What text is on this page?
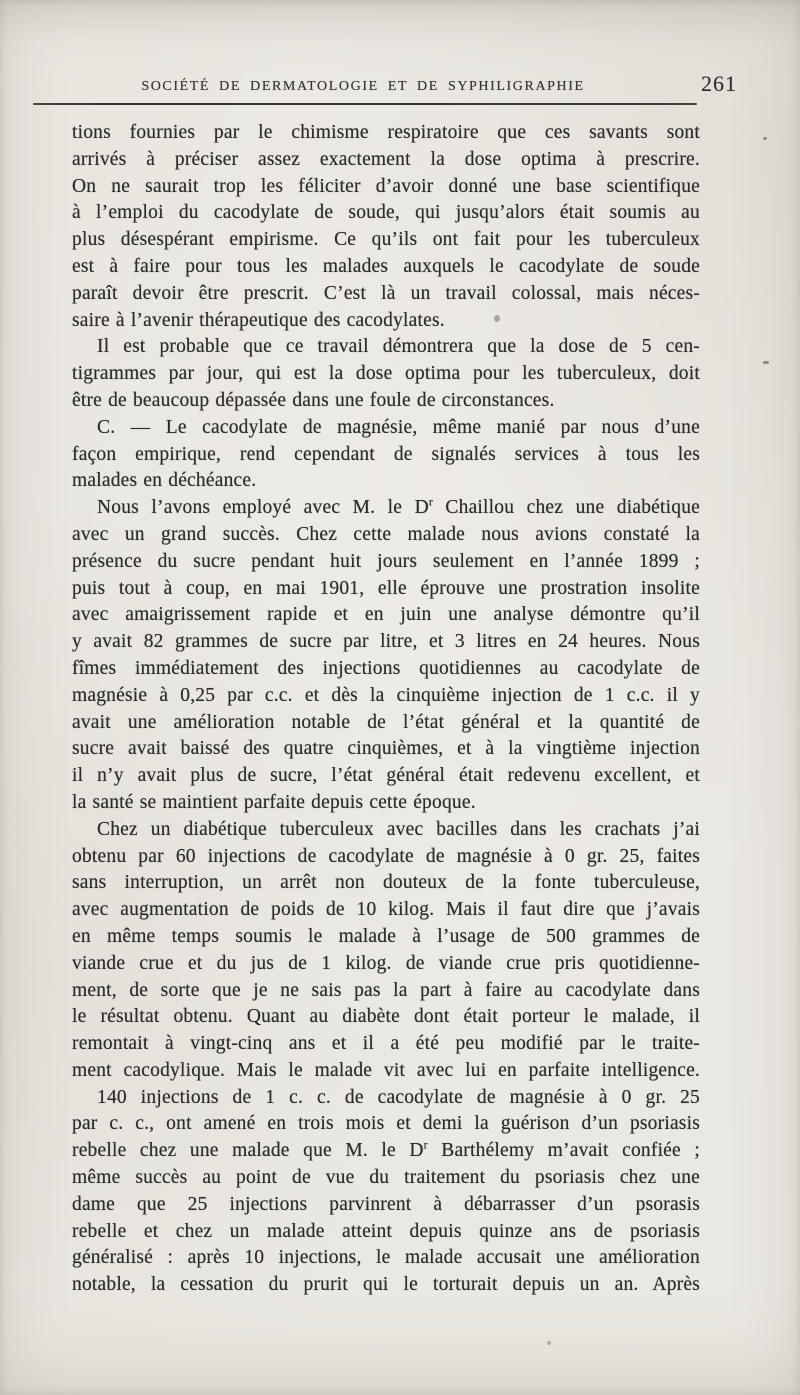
SOCIÉTÉ DE DERMATOLOGIE ET DE SYPHILIGRAPHIE	261
tions fournies par le chimisme respiratoire que ces savants sont
arrivés à préciser assez exactement la dose optima à prescrire.
On ne saurait trop les féliciter d’avoir donné une base scientifique
à l’emploi du cacodylate de soude, qui jusqu’alors était soumis au
plus désespérant empirisme. Ce qu’ils ont fait pour les tuberculeux
est à faire pour tous les malades auxquels le cacodylate de soude
paraît devoir être prescrit. C’est là un travail colossal, mais néces-
saire à l’avenir thérapeutique des cacodylates.
Il est probable que ce travail démontrera que la dose de 5 cen-
tigrammes par jour, qui est la dose optima pour les tuberculeux, doit
être de beaucoup dépassée dans une foule de circonstances.
C. — Le cacodylate de magnésie, même manié par nous d’une
façon empirique, rend cependant de signalés services à tous les
malades en déchéance.
Nous l’avons employé avec M. le $D^r$ Chaillou chez une diabétique
avec un grand succès. Chez cette malade nous avions constaté la
présence du sucre pendant huit jours seulement en l’année 1899 ;
puis tout à coup, en mai 1901, elle éprouve une prostration insolite
avec amaigrissement rapide et en juin une analyse démontre qu’il
y avait 82 grammes de sucre par litre, et 3 litres en 24 heures. Nous
fîmes immédiatement des injections quotidiennes au cacodylate de
magnésie à 0,25 par c.c. et dès la cinquième injection de 1 c.c. il y
avait une amélioration notable de l’état général et la quantité de
sucre avait baissé des quatre cinquièmes, et à la vingtième injection
il n’y avait plus de sucre, l’état général était redevenu excellent, et
la santé se maintient parfaite depuis cette époque.
Chez un diabétique tuberculeux avec bacilles dans les crachats j’ai
obtenu par 60 injections de cacodylate de magnésie à 0 gr. 25, faites
sans interruption, un arrêt non douteux de la fonte tuberculeuse,
avec augmentation de poids de 10 kilog. Mais il faut dire que j’avais
en même temps soumis le malade à l’usage de 500 grammes de
viande crue et du jus de 1 kilog. de viande crue pris quotidienne-
ment, de sorte que je ne sais pas la part à faire au cacodylate dans
le résultat obtenu. Quant au diabète dont était porteur le malade, il
remontait à vingt-cinq ans et il a été peu modifié par le traite-
ment cacodylique. Mais le malade vit avec lui en parfaite intelligence.
140 injections de 1 c. c. de cacodylate de magnésie à 0 gr. 25
par c. c., ont amené en trois mois et demi la guérison d’un psoriasis
rebelle chez une malade que M. le $D^r$ Barthélemy m’avait confiée ;
même succès au point de vue du traitement du psoriasis chez une
dame que 25 injections parvinrent à débarrasser d’un psorasis
rebelle et chez un malade atteint depuis quinze ans de psoriasis
généralisé : après 10 injections, le malade accusait une amélioration
notable, la cessation du prurit qui le torturait depuis un an. Après
